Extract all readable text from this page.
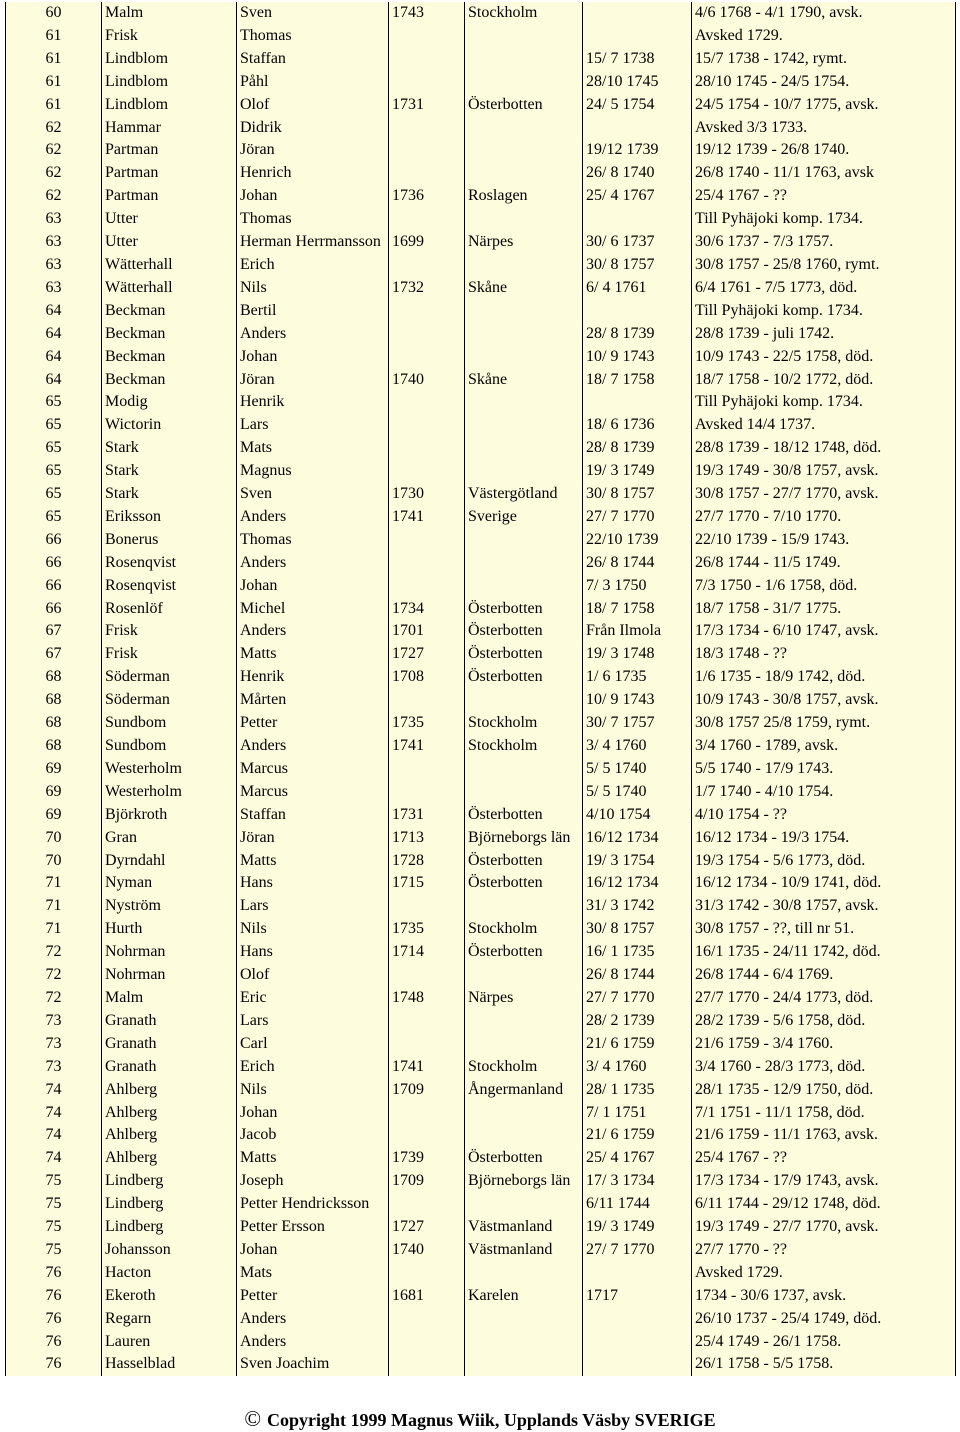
60	Malm	Sven	1743	Stockholm		4/6 1768 - 4/1 1790, avsk.
61	Frisk	Thomas				Avsked 1729.
61	Lindblom	Staffan			15/ 7 1738	15/7 1738 - 1742, rymt.
61	Lindblom	Påhl			28/10 1745	28/10 1745 - 24/5 1754.
61	Lindblom	Olof	1731	Österbotten	24/ 5 1754	24/5 1754 - 10/7 1775, avsk.
62	Hammar	Didrik				Avsked 3/3 1733.
62	Partman	Jöran			19/12 1739	19/12 1739 - 26/8 1740.
62	Partman	Henrich			26/ 8 1740	26/8 1740 - 11/1 1763, avsk
62	Partman	Johan	1736	Roslagen	25/ 4 1767	25/4 1767 - ??
63	Utter	Thomas				Till Pyhäjoki komp. 1734.
63	Utter	Herman Herrmansson	1699	Närpes	30/ 6 1737	30/6 1737 - 7/3 1757.
63	Wätterhall	Erich			30/ 8 1757	30/8 1757 - 25/8 1760, rymt.
63	Wätterhall	Nils	1732	Skåne	6/ 4 1761	6/4 1761 - 7/5 1773, död.
64	Beckman	Bertil				Till Pyhäjoki komp. 1734.
64	Beckman	Anders			28/ 8 1739	28/8 1739 - juli 1742.
64	Beckman	Johan			10/ 9 1743	10/9 1743 - 22/5 1758, död.
64	Beckman	Jöran	1740	Skåne	18/ 7 1758	18/7 1758 - 10/2 1772, död.
65	Modig	Henrik				Till Pyhäjoki komp. 1734.
65	Wictorin	Lars			18/ 6 1736	Avsked 14/4 1737.
65	Stark	Mats			28/ 8 1739	28/8 1739 - 18/12 1748, död.
65	Stark	Magnus			19/ 3 1749	19/3 1749 - 30/8 1757, avsk.
65	Stark	Sven	1730	Västergötland	30/ 8 1757	30/8 1757 - 27/7 1770, avsk.
65	Eriksson	Anders	1741	Sverige	27/ 7 1770	27/7 1770 - 7/10 1770.
66	Bonerus	Thomas			22/10 1739	22/10 1739 - 15/9 1743.
66	Rosenqvist	Anders			26/ 8 1744	26/8 1744 - 11/5 1749.
66	Rosenqvist	Johan			7/ 3 1750	7/3 1750 - 1/6 1758, död.
66	Rosenlöf	Michel	1734	Österbotten	18/ 7 1758	18/7 1758 - 31/7 1775.
67	Frisk	Anders	1701	Österbotten	Från Ilmola	17/3 1734 - 6/10 1747, avsk.
67	Frisk	Matts	1727	Österbotten	19/ 3 1748	18/3 1748 - ??
68	Söderman	Henrik	1708	Österbotten	1/ 6 1735	1/6 1735 - 18/9 1742, död.
68	Söderman	Mårten			10/ 9 1743	10/9 1743 - 30/8 1757, avsk.
68	Sundbom	Petter	1735	Stockholm	30/ 7 1757	30/8 1757 25/8 1759, rymt.
68	Sundbom	Anders	1741	Stockholm	3/ 4 1760	3/4 1760 - 1789, avsk.
69	Westerholm	Marcus			5/ 5 1740	5/5 1740 - 17/9 1743.
69	Westerholm	Marcus			5/ 5 1740	1/7 1740 - 4/10 1754.
69	Björkroth	Staffan	1731	Österbotten	4/10 1754	4/10 1754 - ??
70	Gran	Jöran	1713	Björneborgs län	16/12 1734	16/12 1734 - 19/3 1754.
70	Dyrndahl	Matts	1728	Österbotten	19/ 3 1754	19/3 1754 - 5/6 1773, död.
71	Nyman	Hans	1715	Österbotten	16/12 1734	16/12 1734 - 10/9 1741, död.
71	Nyström	Lars			31/ 3 1742	31/3 1742 - 30/8 1757, avsk.
71	Hurth	Nils	1735	Stockholm	30/ 8 1757	30/8 1757 - ??, till nr 51.
72	Nohrman	Hans	1714	Österbotten	16/ 1 1735	16/1 1735 - 24/11 1742, död.
72	Nohrman	Olof			26/ 8 1744	26/8 1744 - 6/4 1769.
72	Malm	Eric	1748	Närpes	27/ 7 1770	27/7 1770 - 24/4 1773, död.
73	Granath	Lars			28/ 2 1739	28/2 1739 - 5/6 1758, död.
73	Granath	Carl			21/ 6 1759	21/6 1759 - 3/4 1760.
73	Granath	Erich	1741	Stockholm	3/ 4 1760	3/4 1760 - 28/3 1773, död.
74	Ahlberg	Nils	1709	Ångermanland	28/ 1 1735	28/1 1735 - 12/9 1750, död.
74	Ahlberg	Johan			7/ 1 1751	7/1 1751 - 11/1 1758, död.
74	Ahlberg	Jacob			21/ 6 1759	21/6 1759 - 11/1 1763, avsk.
74	Ahlberg	Matts	1739	Österbotten	25/ 4 1767	25/4 1767 - ??
75	Lindberg	Joseph	1709	Björneborgs län	17/ 3 1734	17/3 1734 - 17/9 1743, avsk.
75	Lindberg	Petter Hendricksson			6/11 1744	6/11 1744 - 29/12 1748, död.
75	Lindberg	Petter Ersson	1727	Västmanland	19/ 3 1749	19/3 1749 - 27/7 1770, avsk.
75	Johansson	Johan	1740	Västmanland	27/ 7 1770	27/7 1770 - ??
76	Hacton	Mats				Avsked 1729.
76	Ekeroth	Petter	1681	Karelen	1717	1734 - 30/6 1737, avsk.
76	Regarn	Anders				26/10 1737 - 25/4 1749, död.
76	Lauren	Anders				25/4 1749 - 26/1 1758.
76	Hasselblad	Sven Joachim				26/1 1758 - 5/5 1758.
© Copyright 1999 Magnus Wiik, Upplands Väsby SVERIGE
